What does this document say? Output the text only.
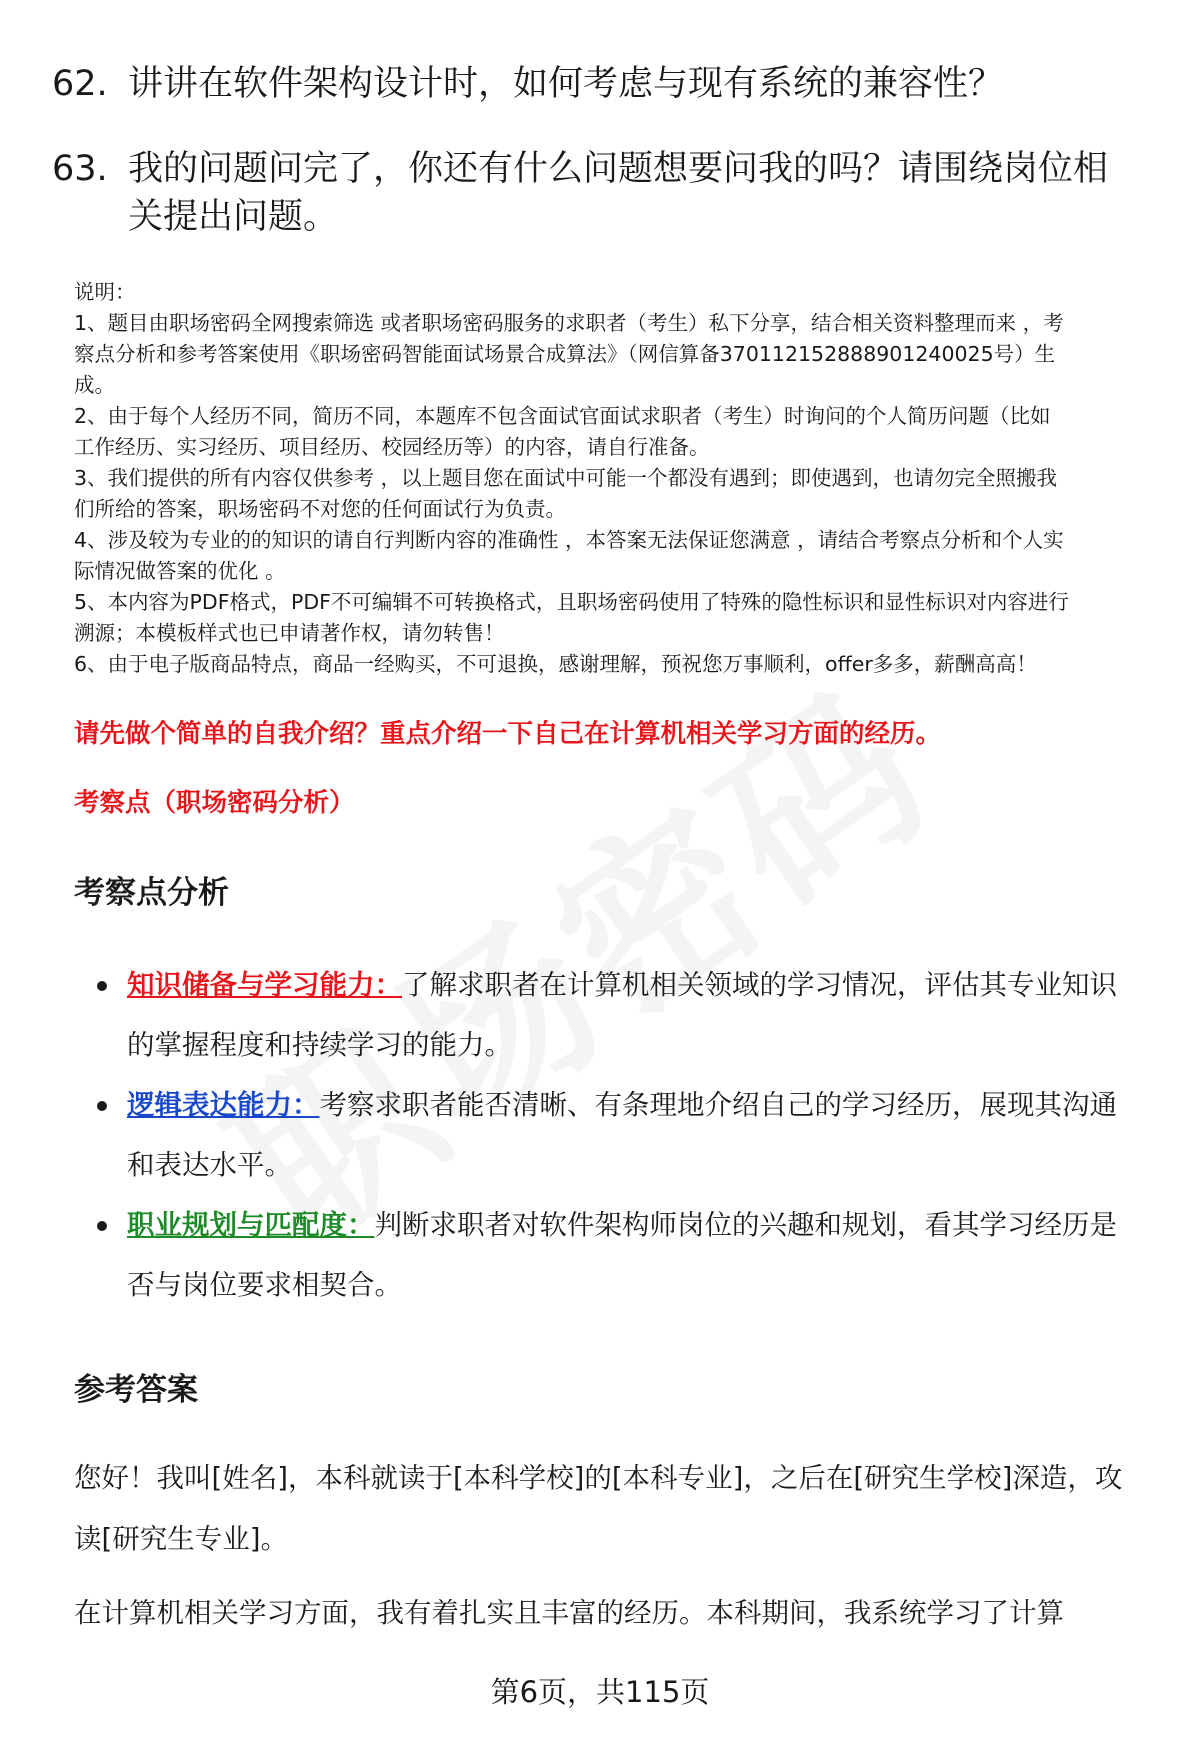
62. 讲讲在软件架构设计时，如何考虑与现有系统的兼容性？
63. 我的问题问完了，你还有什么问题想要问我的吗？请围绕岗位相关提出问题。
说明：
1、题目由职场密码全网搜索筛选 或者职场密码服务的求职者（考生）私下分享，结合相关资料整理而来 ，考
察点分析和参考答案使用《职场密码智能面试场景合成算法》（网信算备370112152888901240025号）生
成。
2、由于每个人经历不同，简历不同，本题库不包含面试官面试求职者（考生）时询问的个人简历问题（比如
工作经历、实习经历、项目经历、校园经历等）的内容，请自行准备。
3、我们提供的所有内容仅供参考 ，以上题目您在面试中可能一个都没有遇到；即使遇到，也请勿完全照搬我
们所给的答案，职场密码不对您的任何面试行为负责。
4、涉及较为专业的的知识的请自行判断内容的准确性 ，本答案无法保证您满意 ，请结合考察点分析和个人实
际情况做答案的优化 。
5、本内容为PDF格式，PDF不可编辑不可转换格式，且职场密码使用了特殊的隐性标识和显性标识对内容进行
溯源；本模板样式也已申请著作权，请勿转售！
6、由于电子版商品特点，商品一经购买，不可退换，感谢理解，预祝您万事顺利，offer多多，薪酬高高！
请先做个简单的自我介绍？重点介绍一下自己在计算机相关学习方面的经历。
考察点（职场密码分析）
考察点分析
知识储备与学习能力：了解求职者在计算机相关领域的学习情况，评估其专业知识的掌握程度和持续学习的能力。
逻辑表达能力：考察求职者能否清晰、有条理地介绍自己的学习经历，展现其沟通和表达水平。
职业规划与匹配度：判断求职者对软件架构师岗位的兴趣和规划，看其学习经历是否与岗位要求相契合。
参考答案
您好！我叫[姓名]，本科就读于[本科学校]的[本科专业]，之后在[研究生学校]深造，攻读[研究生专业]。
在计算机相关学习方面，我有着扎实且丰富的经历。本科期间，我系统学习了计算
第6页，共115页
